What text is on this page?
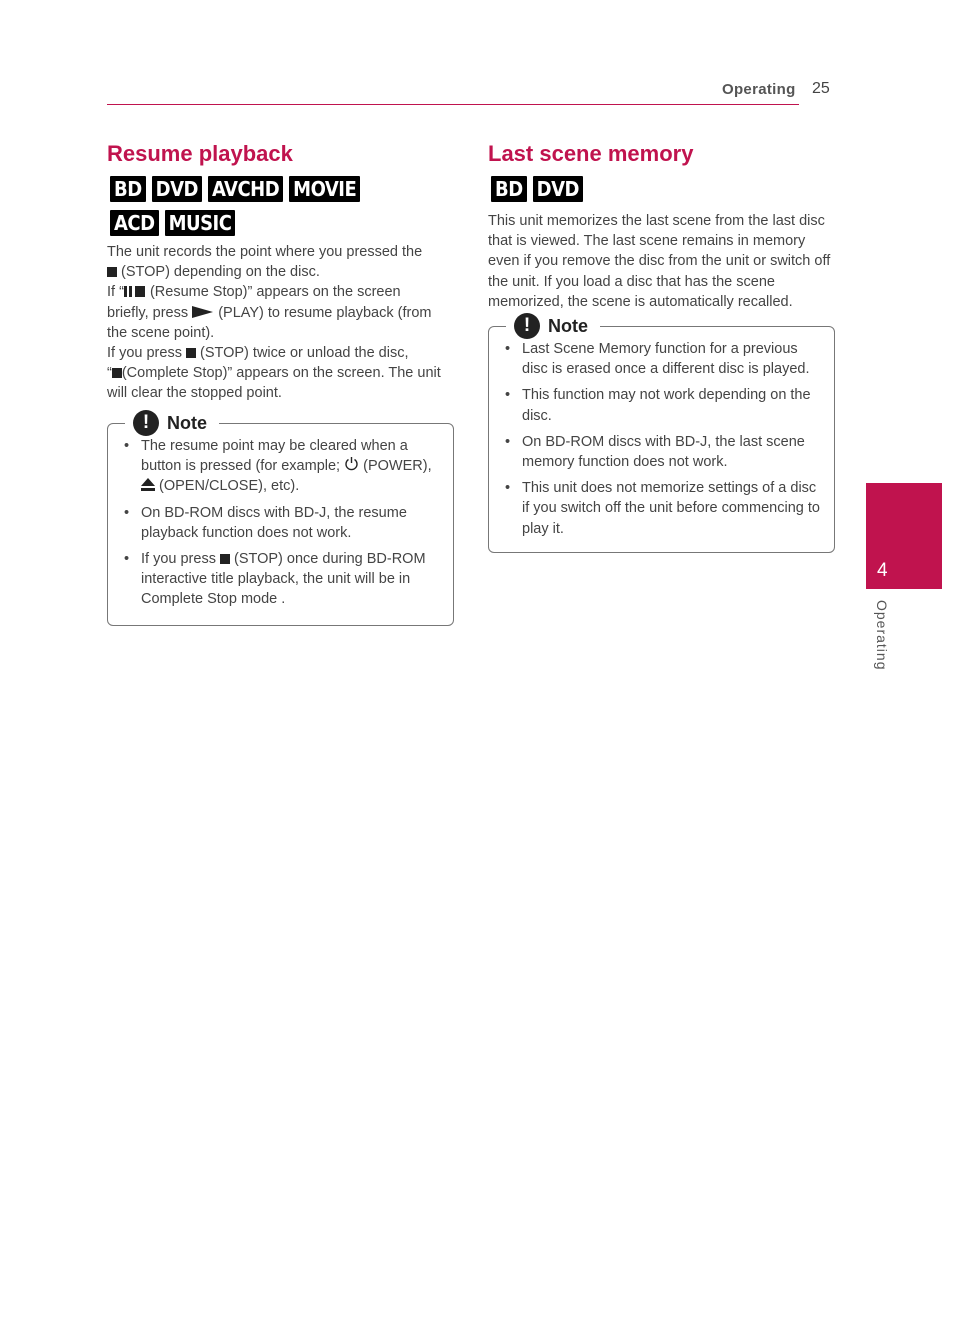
Operating 25
Resume playback
BD DVD AVCHD MOVIE
ACD MUSIC

The unit records the point where you pressed the
(STOP) depending on the disc.

If “ (Resume Stop)” appears on the screen
briefly, press (PLAY) to resume playback (from
the scene point).

If you press (STOP) twice or unload the disc,
“ (Complete Stop)” appears on the screen. The unit
will clear the stopped point.

! Note
• The resume point may be cleared when a
button is pressed (for example; (POWER),
(OPEN/CLOSE), etc).
• On BD-ROM discs with BD-J, the resume playback function does not work.
• If you press (STOP) once during BD-ROM interactive title playback, the unit will be in Complete Stop mode .
Last scene memory
BD DVD
This unit memorizes the last scene from the last disc that is viewed. The last scene remains in memory even if you remove the disc from the unit or switch off the unit. If you load a disc that has the scene memorized, the scene is automatically recalled.
! Note
• Last Scene Memory function for a previous disc is erased once a different disc is played.
• This function may not work depending on the disc.
• On BD-ROM discs with BD-J, the last scene memory function does not work.
• This unit does not memorize settings of a disc if you switch off the unit before commencing to play it.
4
Operating
